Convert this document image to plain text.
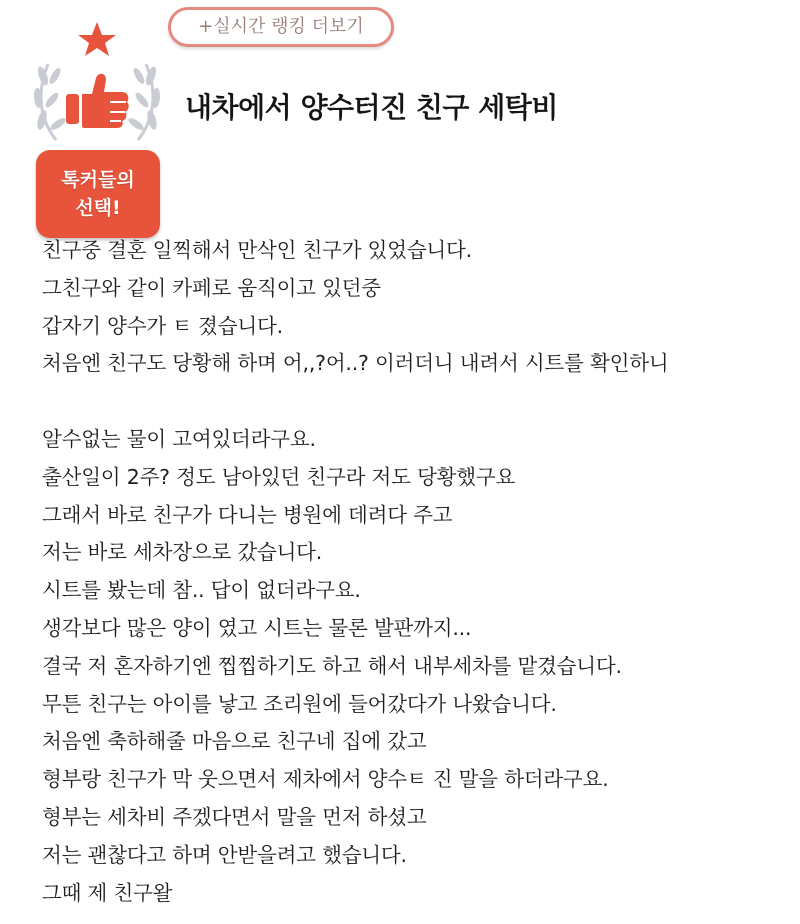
톡커들의
선택!
+실시간 랭킹 더보기
내차에서 양수터진 친구 세탁비
친구중 결혼 일찍해서 만삭인 친구가 있었습니다.
그친구와 같이 카페로 움직이고 있던중
갑자기 양수가 ㅌ 졌습니다.
처음엔 친구도 당황해 하며 어,,?어..? 이러더니 내려서 시트를 확인하니
알수없는 물이 고여있더라구요.
출산일이 2주? 정도 남아있던 친구라 저도 당황했구요
그래서 바로 친구가 다니는 병원에 데려다 주고
저는 바로 세차장으로 갔습니다.
시트를 봤는데 참.. 답이 없더라구요.
생각보다 많은 양이 였고 시트는 물론 발판까지...
결국 저 혼자하기엔 찝찝하기도 하고 해서 내부세차를 맡겼습니다.
무튼 친구는 아이를 낳고 조리원에 들어갔다가 나왔습니다.
처음엔 축하해줄 마음으로 친구네 집에 갔고
형부랑 친구가 막 웃으면서 제차에서 양수ㅌ 진 말을 하더라구요.
형부는 세차비 주겠다면서 말을 먼저 하셨고
저는 괜찮다고 하며 안받을려고 했습니다.
그때 제 친구왈
